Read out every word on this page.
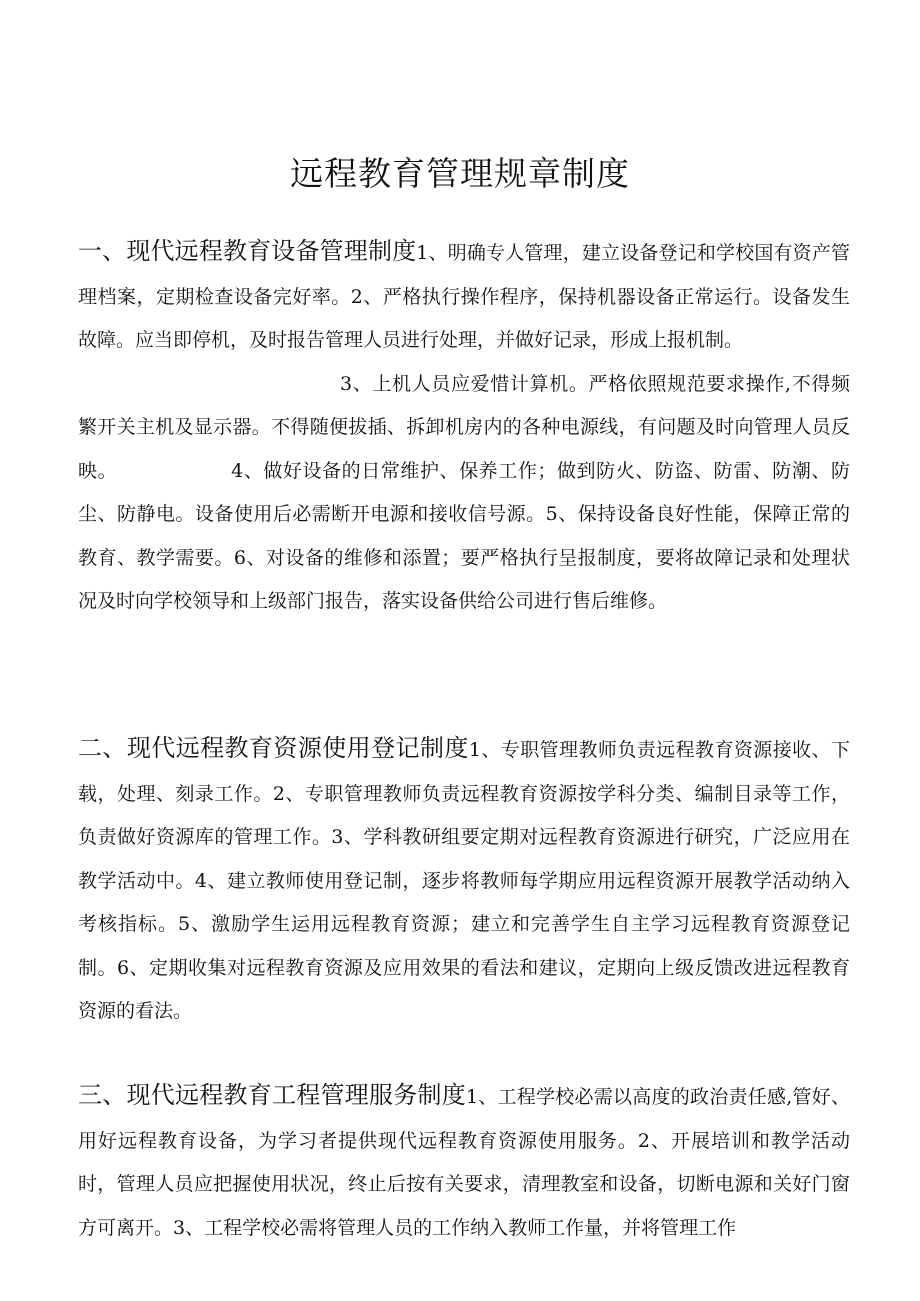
远程教育管理规章制度
一、现代远程教育设备管理制度1、明确专人管理，建立设备登记和学校国有资产管理档案，定期检查设备完好率。2、严格执行操作程序，保持机器设备正常运行。设备发生故障。应当即停机，及时报告管理人员进行处理，并做好记录，形成上报机制。
3、上机人员应爱惜计算机。严格依照规范要求操作,不得频繁开关主机及显示器。不得随便拔插、拆卸机房内的各种电源线，有问题及时向管理人员反映。	4、做好设备的日常维护、保养工作；做到防火、防盗、防雷、防潮、防尘、防静电。设备使用后必需断开电源和接收信号源。5、保持设备良好性能，保障正常的教育、教学需要。6、对设备的维修和添置；要严格执行呈报制度，要将故障记录和处理状况及时向学校领导和上级部门报告，落实设备供给公司进行售后维修。
二、现代远程教育资源使用登记制度1、专职管理教师负责远程教育资源接收、下载，处理、刻录工作。2、专职管理教师负责远程教育资源按学科分类、编制目录等工作，负责做好资源库的管理工作。3、学科教研组要定期对远程教育资源进行研究，广泛应用在教学活动中。4、建立教师使用登记制，逐步将教师每学期应用远程资源开展教学活动纳入考核指标。5、激励学生运用远程教育资源；建立和完善学生自主学习远程教育资源登记制。6、定期收集对远程教育资源及应用效果的看法和建议，定期向上级反馈改进远程教育资源的看法。
三、现代远程教育工程管理服务制度1、工程学校必需以高度的政治责任感,管好、用好远程教育设备，为学习者提供现代远程教育资源使用服务。2、开展培训和教学活动时，管理人员应把握使用状况，终止后按有关要求，清理教室和设备，切断电源和关好门窗方可离开。3、工程学校必需将管理人员的工作纳入教师工作量，并将管理工作
